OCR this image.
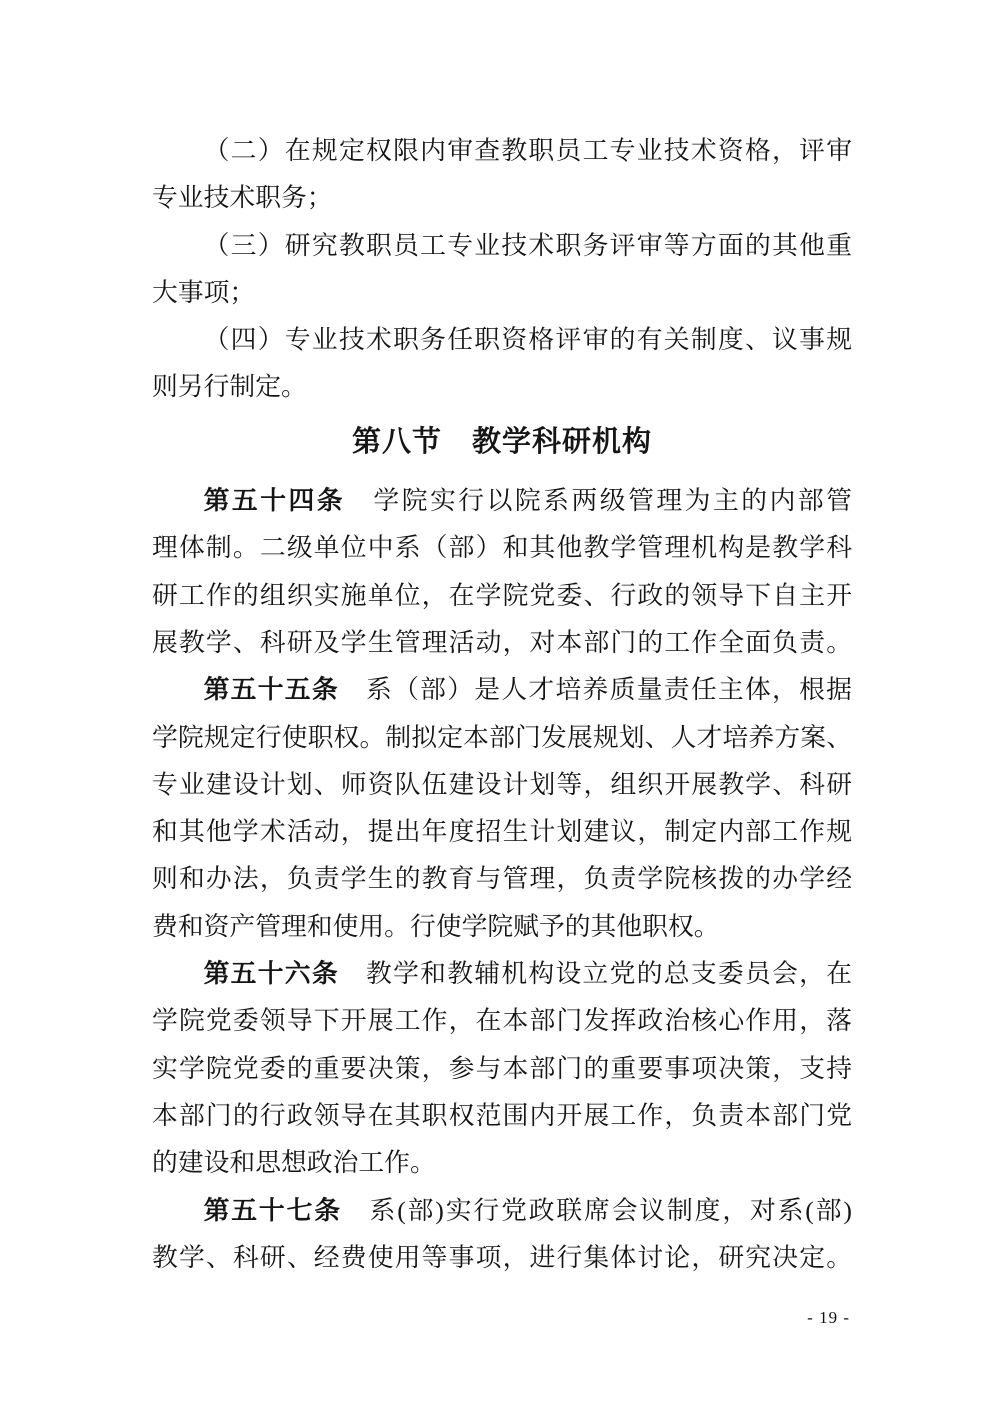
（二）在规定权限内审查教职员工专业技术资格，评审
专业技术职务；
（三）研究教职员工专业技术职务评审等方面的其他重
大事项；
（四）专业技术职务任职资格评审的有关制度、议事规
则另行制定。
第八节　教学科研机构
第五十四条　学院实行以院系两级管理为主的内部管
理体制。二级单位中系（部）和其他教学管理机构是教学科
研工作的组织实施单位，在学院党委、行政的领导下自主开
展教学、科研及学生管理活动，对本部门的工作全面负责。
第五十五条　系（部）是人才培养质量责任主体，根据
学院规定行使职权。制拟定本部门发展规划、人才培养方案、
专业建设计划、师资队伍建设计划等，组织开展教学、科研
和其他学术活动，提出年度招生计划建议，制定内部工作规
则和办法，负责学生的教育与管理，负责学院核拨的办学经
费和资产管理和使用。行使学院赋予的其他职权。
第五十六条　教学和教辅机构设立党的总支委员会，在
学院党委领导下开展工作，在本部门发挥政治核心作用，落
实学院党委的重要决策，参与本部门的重要事项决策，支持
本部门的行政领导在其职权范围内开展工作，负责本部门党
的建设和思想政治工作。
第五十七条　系(部)实行党政联席会议制度，对系(部)
教学、科研、经费使用等事项，进行集体讨论，研究决定。
- 19 -
